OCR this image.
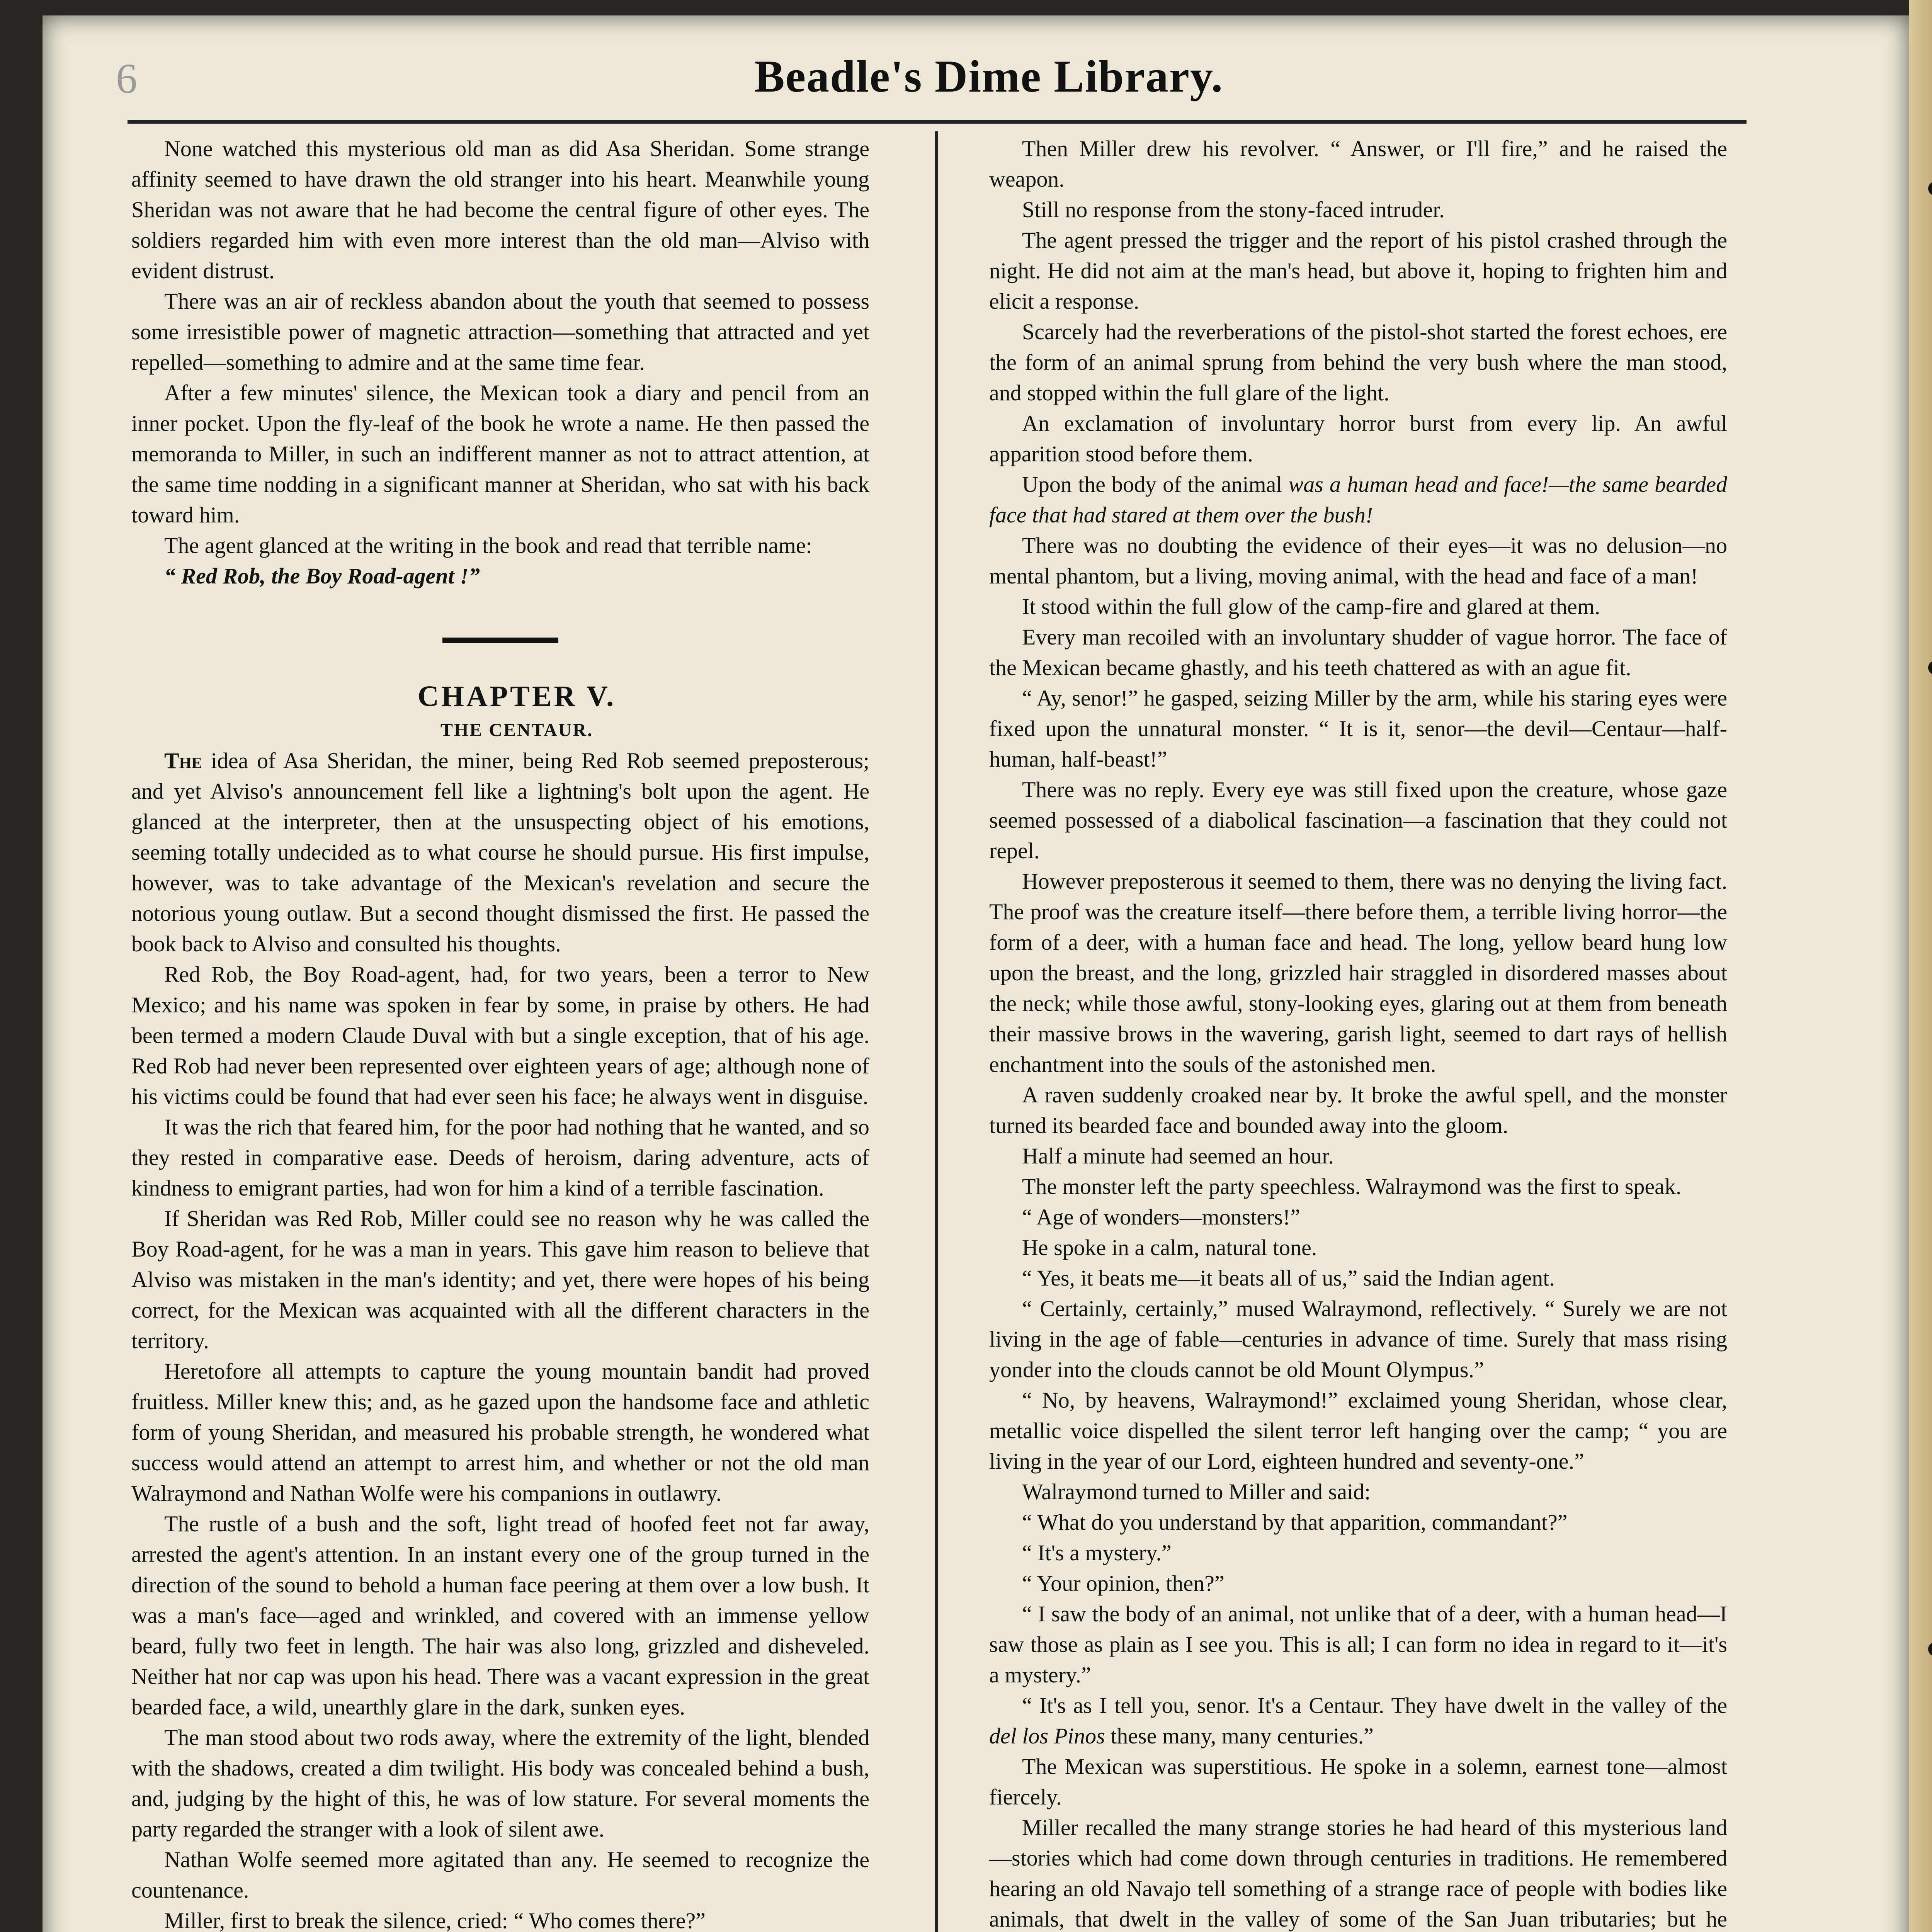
6	Beadle's Dime Library.

None watched this mysterious old man as did Asa Sheridan. Some strange affinity seemed to have drawn the old stranger into his heart. Meanwhile young Sheridan was not aware that he had become the central figure of other eyes. The soldiers regarded him with even more interest than the old man—Alviso with evident distrust.

There was an air of reckless abandon about the youth that seemed to possess some irresistible power of magnetic attraction—something that attracted and yet repelled—something to admire and at the same time fear.

After a few minutes' silence, the Mexican took a diary and pencil from an inner pocket. Upon the fly-leaf of the book he wrote a name. He then passed the memoranda to Miller, in such an indifferent manner as not to attract attention, at the same time nodding in a significant manner at Sheridan, who sat with his back toward him.

The agent glanced at the writing in the book and read that terrible name:

“ Red Rob, the Boy Road-agent !”

CHAPTER V.

THE CENTAUR.

The idea of Asa Sheridan, the miner, being Red Rob seemed preposterous; and yet Alviso's announcement fell like a lightning's bolt upon the agent. He glanced at the interpreter, then at the unsuspecting object of his emotions, seeming totally undecided as to what course he should pursue. His first impulse, however, was to take advantage of the Mexican's revelation and secure the notorious young outlaw. But a second thought dismissed the first. He passed the book back to Alviso and consulted his thoughts.

Red Rob, the Boy Road-agent, had, for two years, been a terror to New Mexico; and his name was spoken in fear by some, in praise by others. He had been termed a modern Claude Duval with but a single exception, that of his age. Red Rob had never been represented over eighteen years of age; although none of his victims could be found that had ever seen his face; he always went in disguise.

It was the rich that feared him, for the poor had nothing that he wanted, and so they rested in comparative ease. Deeds of heroism, daring adventure, acts of kindness to emigrant parties, had won for him a kind of a terrible fascination.

If Sheridan was Red Rob, Miller could see no reason why he was called the Boy Road-agent, for he was a man in years. This gave him reason to believe that Alviso was mistaken in the man's identity; and yet, there were hopes of his being correct, for the Mexican was acquainted with all the different characters in the territory.

Heretofore all attempts to capture the young mountain bandit had proved fruitless. Miller knew this; and, as he gazed upon the handsome face and athletic form of young Sheridan, and measured his probable strength, he wondered what success would attend an attempt to arrest him, and whether or not the old man Walraymond and Nathan Wolfe were his companions in outlawry.

The rustle of a bush and the soft, light tread of hoofed feet not far away, arrested the agent's attention. In an instant every one of the group turned in the direction of the sound to behold a human face peering at them over a low bush. It was a man's face—aged and wrinkled, and covered with an immense yellow beard, fully two feet in length. The hair was also long, grizzled and disheveled. Neither hat nor cap was upon his head. There was a vacant expression in the great bearded face, a wild, unearthly glare in the dark, sunken eyes.

The man stood about two rods away, where the extremity of the light, blended with the shadows, created a dim twilight. His body was concealed behind a bush, and, judging by the hight of this, he was of low stature. For several moments the party regarded the stranger with a look of silent awe.

Nathan Wolfe seemed more agitated than any. He seemed to recognize the countenance.

Miller, first to break the silence, cried: “ Who comes there?”

Then Miller drew his revolver. “ Answer, or I'll fire,” and he raised the weapon.

Still no response from the stony-faced intruder.

The agent pressed the trigger and the report of his pistol crashed through the night. He did not aim at the man's head, but above it, hoping to frighten him and elicit a response.

Scarcely had the reverberations of the pistol-shot started the forest echoes, ere the form of an animal sprung from behind the very bush where the man stood, and stopped within the full glare of the light.

An exclamation of involuntary horror burst from every lip. An awful apparition stood before them.

Upon the body of the animal was a human head and face!—the same bearded face that had stared at them over the bush!

There was no doubting the evidence of their eyes—it was no delusion—no mental phantom, but a living, moving animal, with the head and face of a man!

It stood within the full glow of the camp-fire and glared at them.

Every man recoiled with an involuntary shudder of vague horror. The face of the Mexican became ghastly, and his teeth chattered as with an ague fit.

“ Ay, senor!” he gasped, seizing Miller by the arm, while his staring eyes were fixed upon the unnatural monster. “ It is it, senor—the devil—Centaur—half-human, half-beast!”

There was no reply. Every eye was still fixed upon the creature, whose gaze seemed possessed of a diabolical fascination—a fascination that they could not repel.

However preposterous it seemed to them, there was no denying the living fact. The proof was the creature itself—there before them, a terrible living horror—the form of a deer, with a human face and head. The long, yellow beard hung low upon the breast, and the long, grizzled hair straggled in disordered masses about the neck; while those awful, stony-looking eyes, glaring out at them from beneath their massive brows in the wavering, garish light, seemed to dart rays of hellish enchantment into the souls of the astonished men.

A raven suddenly croaked near by. It broke the awful spell, and the monster turned its bearded face and bounded away into the gloom.

Half a minute had seemed an hour.

The monster left the party speechless. Walraymond was the first to speak.

“ Age of wonders—monsters!”

He spoke in a calm, natural tone.

“ Yes, it beats me—it beats all of us,” said the Indian agent.

“ Certainly, certainly,” mused Walraymond, reflectively. “ Surely we are not living in the age of fable—centuries in advance of time. Surely that mass rising yonder into the clouds cannot be old Mount Olympus.”

“ No, by heavens, Walraymond!” exclaimed young Sheridan, whose clear, metallic voice dispelled the silent terror left hanging over the camp; “ you are living in the year of our Lord, eighteen hundred and seventy-one.”

Walraymond turned to Miller and said:

“ What do you understand by that apparition, commandant?”

“ It's a mystery.”

“ Your opinion, then?”

“ I saw the body of an animal, not unlike that of a deer, with a human head—I saw those as plain as I see you. This is all; I can form no idea in regard to it—it's a mystery.”

“ It's as I tell you, senor. It's a Centaur. They have dwelt in the valley of the del los Pinos these many, many centuries.”

The Mexican was superstitious. He spoke in a solemn, earnest tone—almost fiercely.

Miller recalled the many strange stories he had heard of this mysterious land—stories which had come down through centuries in traditions. He remembered hearing an old Navajo tell something of a strange race of people with bodies like animals, that dwelt in the valley of some of the San Juan tributaries; but he
